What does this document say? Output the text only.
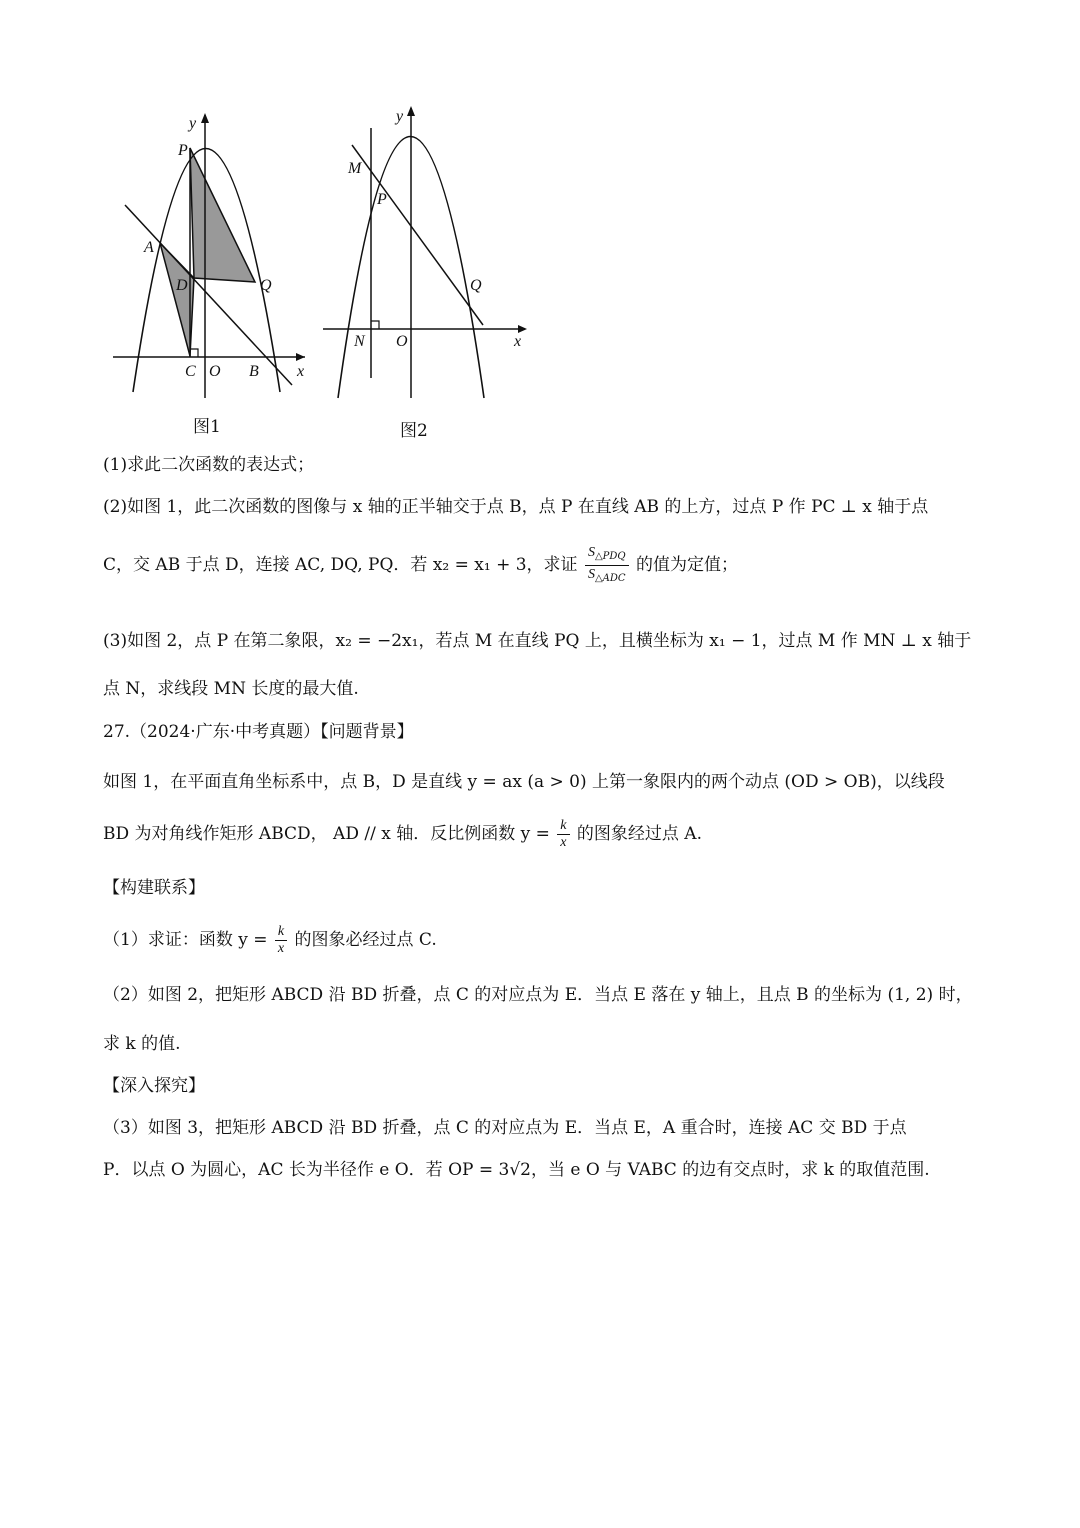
y
P
A
D	Q
C O B x
图1
y
M
P
Q
N O	x
图2
(1)求此二次函数的表达式；
(2)如图 1，此二次函数的图像与 x 轴的正半轴交于点 B，点 P 在直线 AB 的上方，过点 P 作 PC ⊥ x 轴于点
C，交 AB 于点 D，连接 AC, DQ, PQ．若 x₂ = x₁ + 3，求证 $\frac{S_{\triangle PDQ}}{S_{\triangle ADC}}$ 的值为定值；
(3)如图 2，点 P 在第二象限，x₂ = −2x₁，若点 M 在直线 PQ 上，且横坐标为 x₁ − 1，过点 M 作 MN ⊥ x 轴于
点 N，求线段 MN 长度的最大值.
27.（2024·广东·中考真题）【问题背景】
如图 1，在平面直角坐标系中，点 B，D 是直线 y = ax (a > 0) 上第一象限内的两个动点 (OD > OB)，以线段
BD 为对角线作矩形 ABCD， AD // x 轴．反比例函数 $y = \frac{k}{x}$ 的图象经过点 A.
【构建联系】
（1）求证：函数 $y = \frac{k}{x}$ 的图象必经过点 C.
（2）如图 2，把矩形 ABCD 沿 BD 折叠，点 C 的对应点为 E．当点 E 落在 y 轴上，且点 B 的坐标为 (1, 2) 时，
求 k 的值.
【深入探究】
（3）如图 3，把矩形 ABCD 沿 BD 折叠，点 C 的对应点为 E．当点 E，A 重合时，连接 AC 交 BD 于点
P．以点 O 为圆心，AC 长为半径作 e O．若 OP = 3√2，当 e O 与 VABC 的边有交点时，求 k 的取值范围.
